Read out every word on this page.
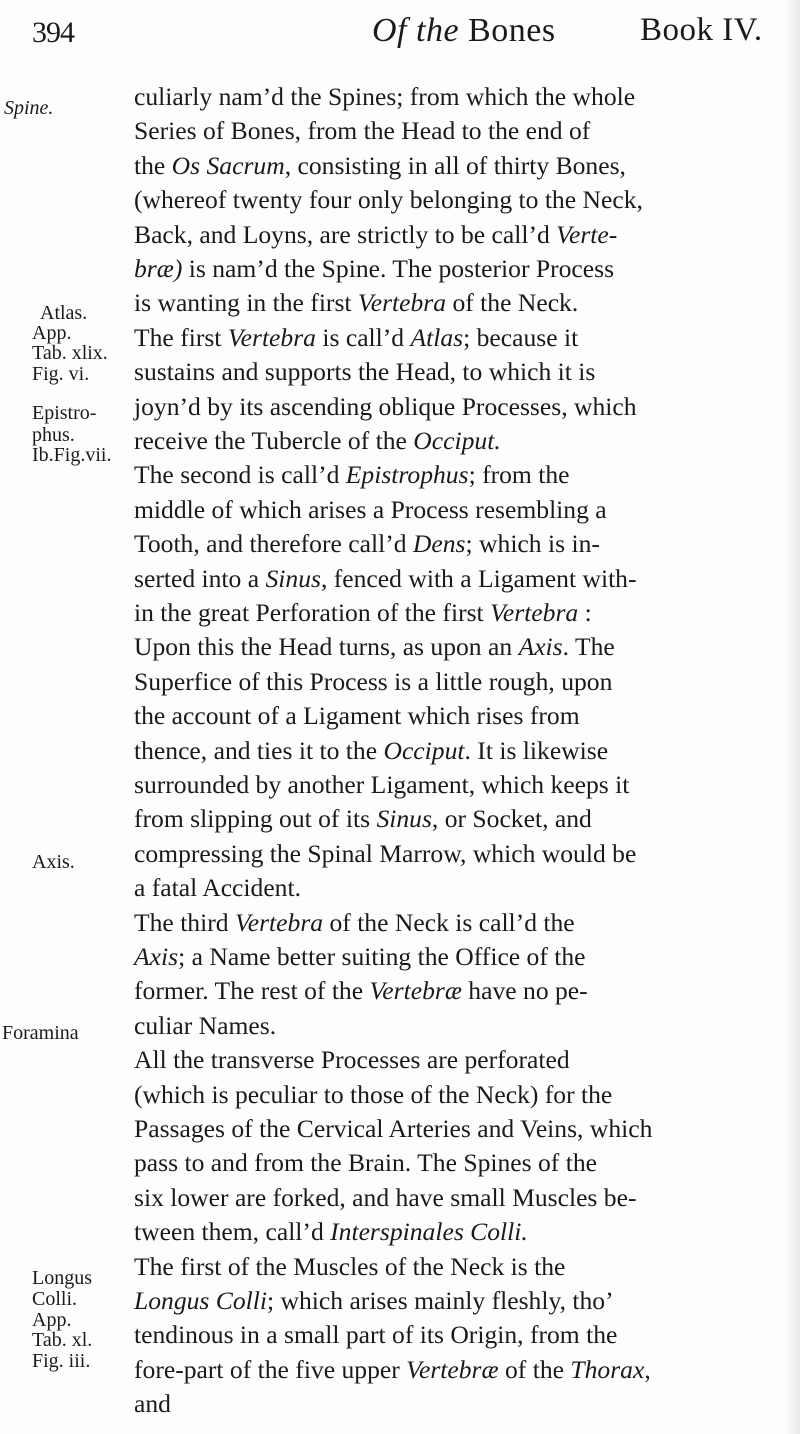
394	Of the Bones	Book IV.
Spine.
Atlas.
App.
Tab. xlix.
Fig. vi.
Epistro-
phus.
Ib.Fig.vii.
Axis.
Foramina
Longus
Colli.
App.
Tab. xl.
Fig. iii.
culiarly nam’d the Spines; from which the whole
Series of Bones, from the Head to the end of
the Os Sacrum, consisting in all of thirty Bones,
(whereof twenty four only belonging to the Neck,
Back, and Loyns, are strictly to be call’d Verte-
bræ) is nam’d the Spine. The posterior Process
is wanting in the first Vertebra of the Neck.
The first Vertebra is call’d Atlas; because it
sustains and supports the Head, to which it is
joyn’d by its ascending oblique Processes, which
receive the Tubercle of the Occiput.
The second is call’d Epistrophus; from the
middle of which arises a Process resembling a
Tooth, and therefore call’d Dens; which is in-
serted into a Sinus, fenced with a Ligament with-
in the great Perforation of the first Vertebra :
Upon this the Head turns, as upon an Axis. The
Superfice of this Process is a little rough, upon
the account of a Ligament which rises from
thence, and ties it to the Occiput. It is likewise
surrounded by another Ligament, which keeps it
from slipping out of its Sinus, or Socket, and
compressing the Spinal Marrow, which would be
a fatal Accident.
The third Vertebra of the Neck is call’d the
Axis; a Name better suiting the Office of the
former. The rest of the Vertebræ have no pe-
culiar Names.
All the transverse Processes are perforated
(which is peculiar to those of the Neck) for the
Passages of the Cervical Arteries and Veins, which
pass to and from the Brain. The Spines of the
six lower are forked, and have small Muscles be-
tween them, call’d Interspinales Colli.
The first of the Muscles of the Neck is the
Longus Colli; which arises mainly fleshly, tho’
tendinous in a small part of its Origin, from the
fore-part of the five upper Vertebræ of the Thorax,
and
